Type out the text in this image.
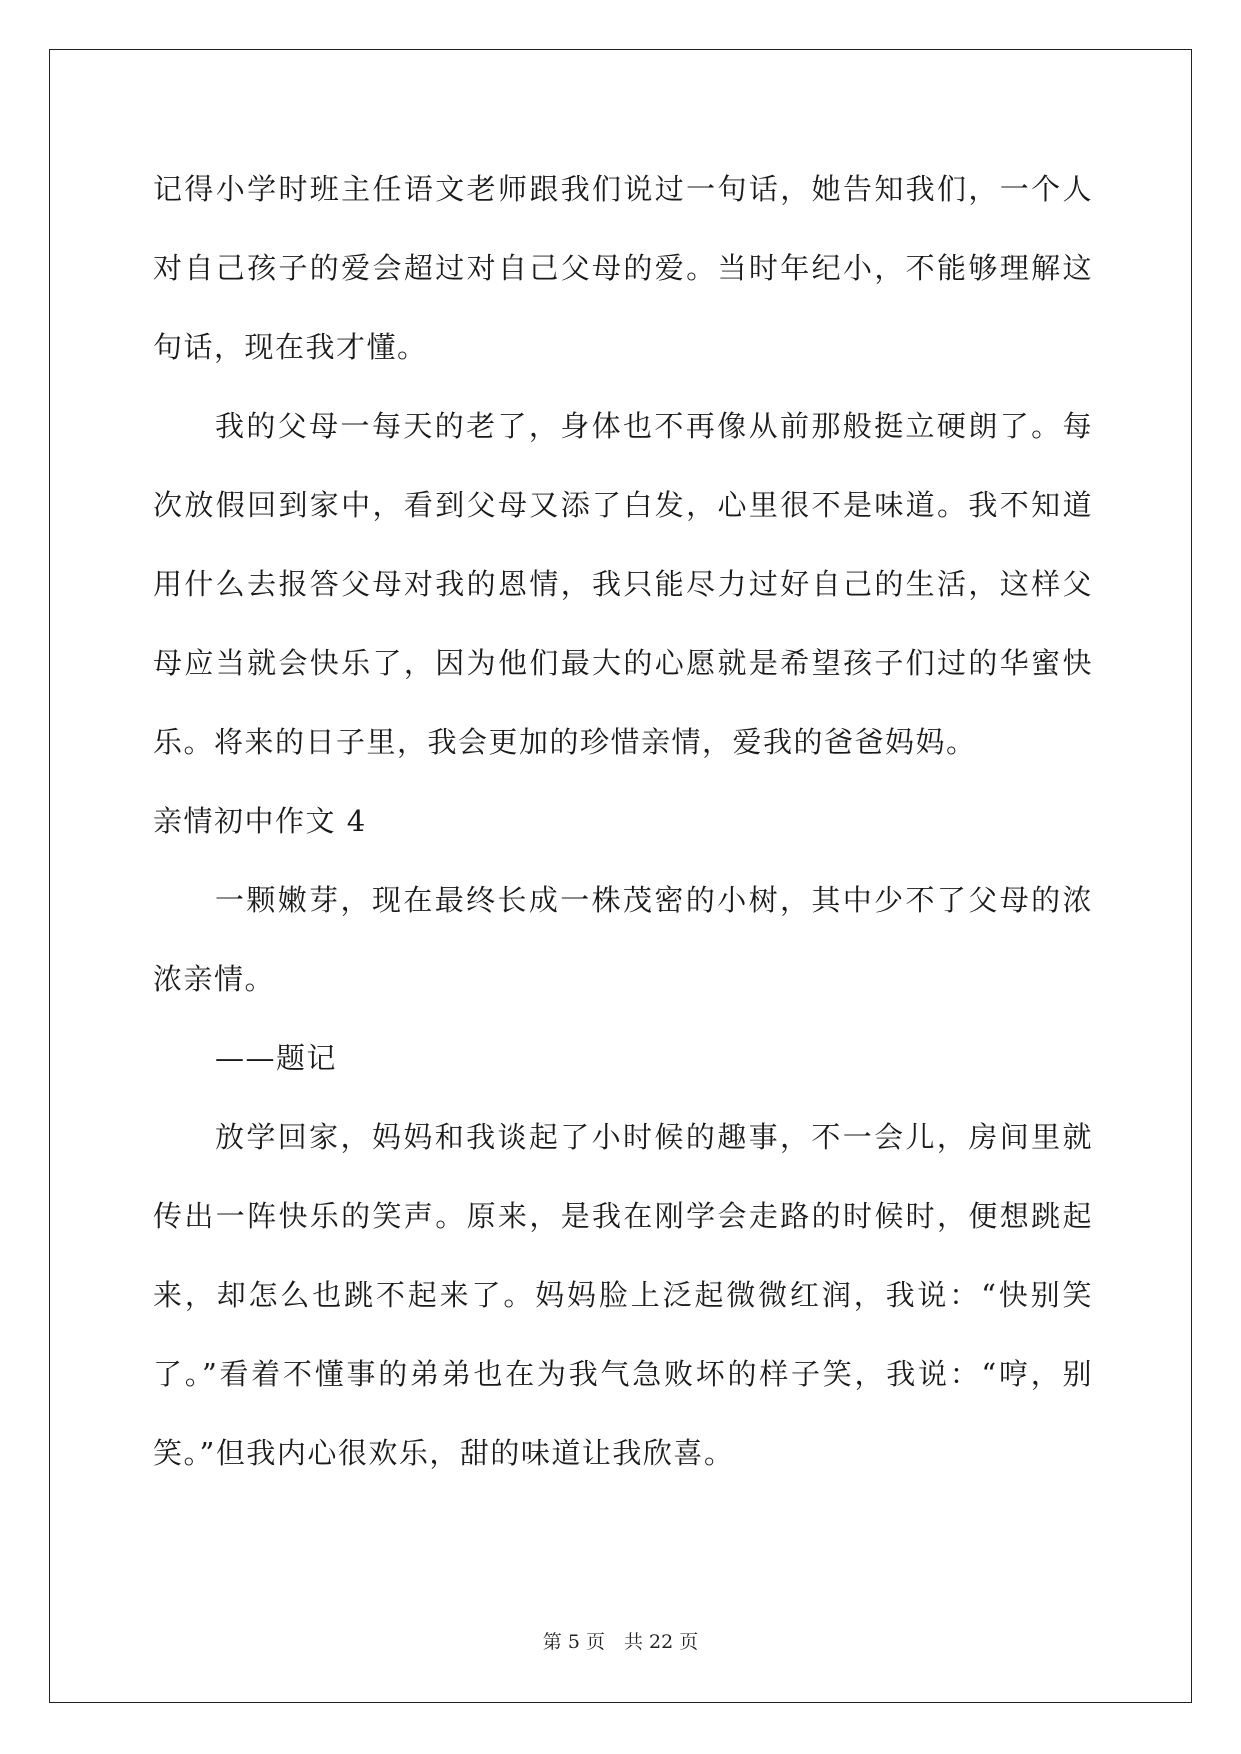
记得小学时班主任语文老师跟我们说过一句话，她告知我们，一个人对自己孩子的爱会超过对自己父母的爱。当时年纪小，不能够理解这句话，现在我才懂。

我的父母一每天的老了，身体也不再像从前那般挺立硬朗了。每次放假回到家中，看到父母又添了白发，心里很不是味道。我不知道用什么去报答父母对我的恩情，我只能尽力过好自己的生活，这样父母应当就会快乐了，因为他们最大的心愿就是希望孩子们过的华蜜快乐。将来的日子里，我会更加的珍惜亲情，爱我的爸爸妈妈。

亲情初中作文 4

一颗嫩芽，现在最终长成一株茂密的小树，其中少不了父母的浓浓亲情。

——题记

放学回家，妈妈和我谈起了小时候的趣事，不一会儿，房间里就传出一阵快乐的笑声。原来，是我在刚学会走路的时候时，便想跳起来，却怎么也跳不起来了。妈妈脸上泛起微微红润，我说：“快别笑了。”看着不懂事的弟弟也在为我气急败坏的样子笑，我说：“哼，别笑。”但我内心很欢乐，甜的味道让我欣喜。

第 5 页　共 22 页
